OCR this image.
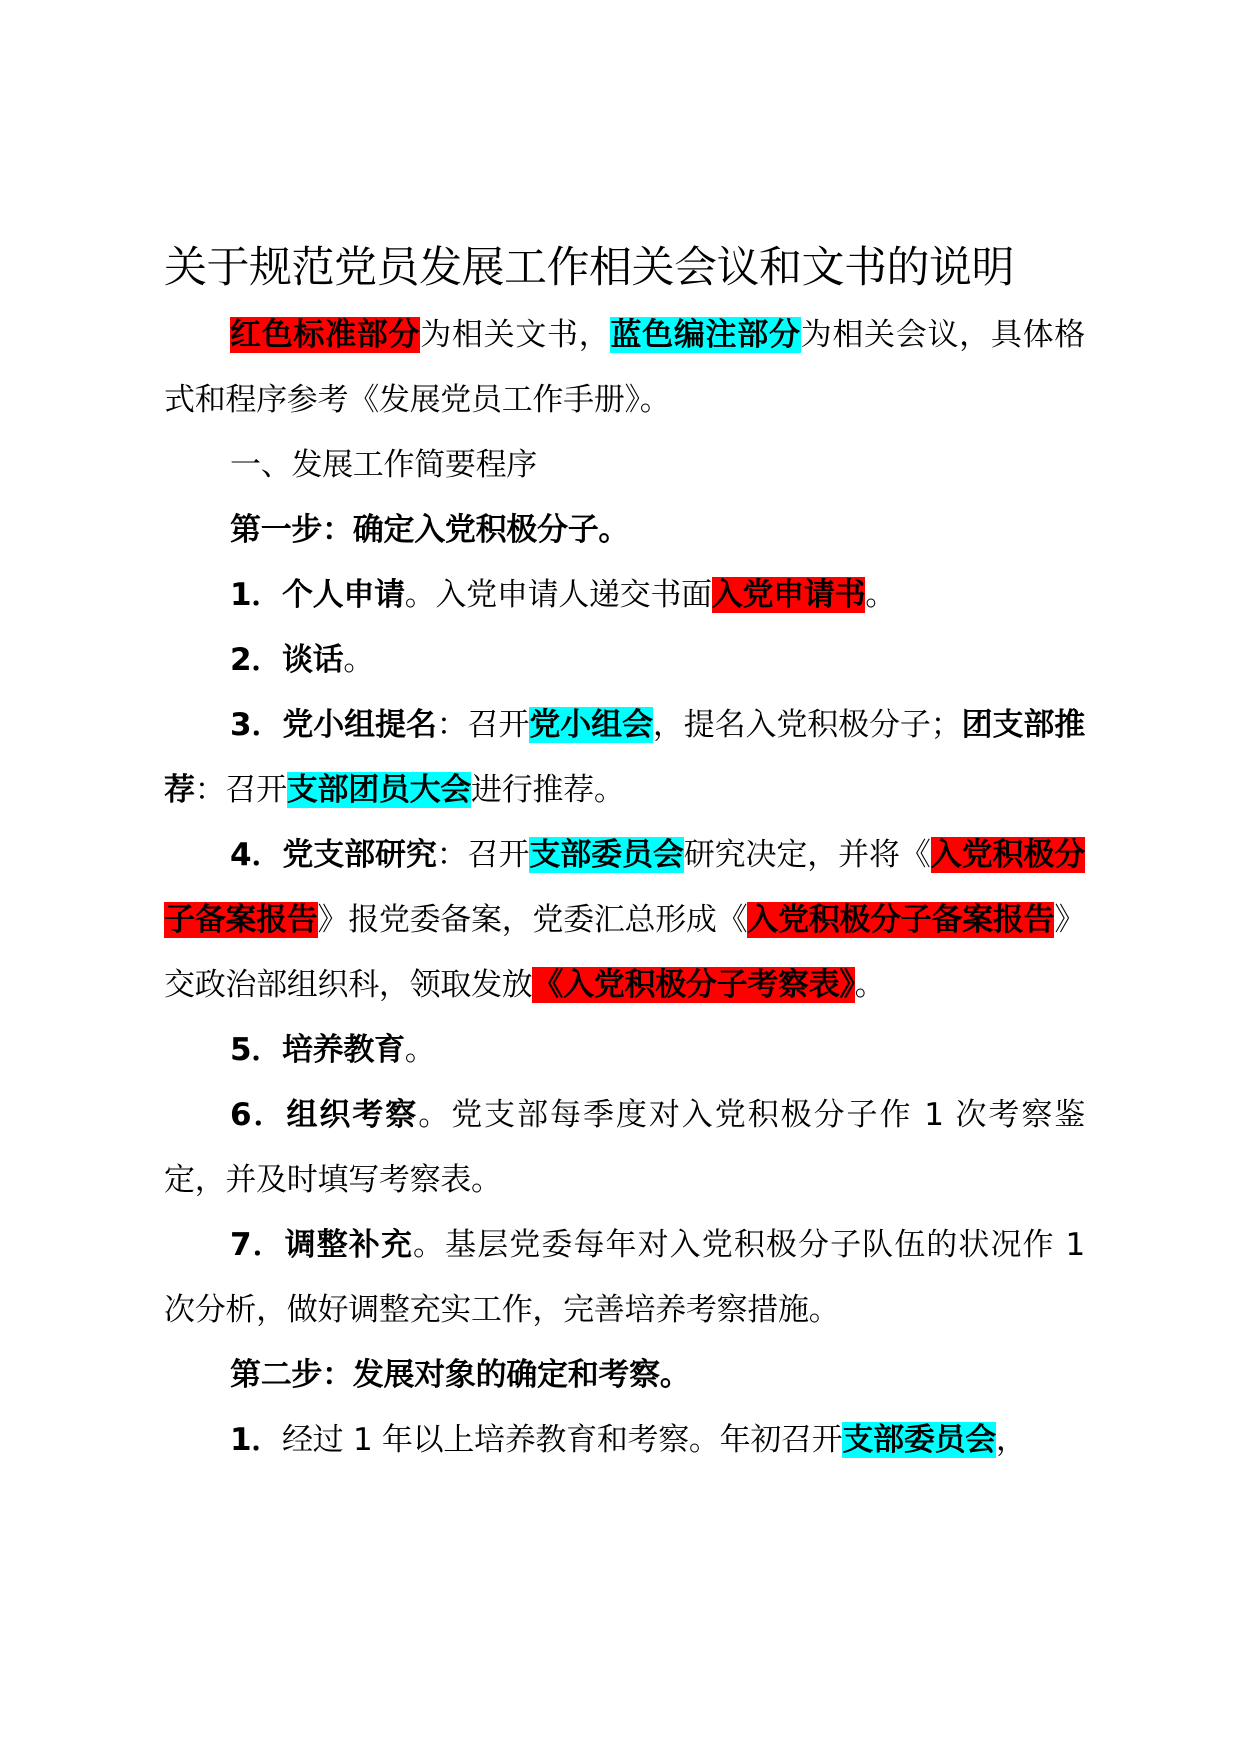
关于规范党员发展工作相关会议和文书的说明

红色标准部分为相关文书，蓝色编注部分为相关会议，具体格式和程序参考《发展党员工作手册》。

一、发展工作简要程序

第一步：确定入党积极分子。

1．个人申请。入党申请人递交书面入党申请书。

2．谈话。

3．党小组提名：召开党小组会，提名入党积极分子；团支部推荐：召开支部团员大会进行推荐。

4．党支部研究：召开支部委员会研究决定，并将《入党积极分子备案报告》报党委备案，党委汇总形成《入党积极分子备案报告》交政治部组织科，领取发放《入党积极分子考察表》。

5．培养教育。

6．组织考察。党支部每季度对入党积极分子作 1 次考察鉴定，并及时填写考察表。

7．调整补充。基层党委每年对入党积极分子队伍的状况作 1 次分析，做好调整充实工作，完善培养考察措施。

第二步：发展对象的确定和考察。

1．经过 1 年以上培养教育和考察。年初召开支部委员会，
